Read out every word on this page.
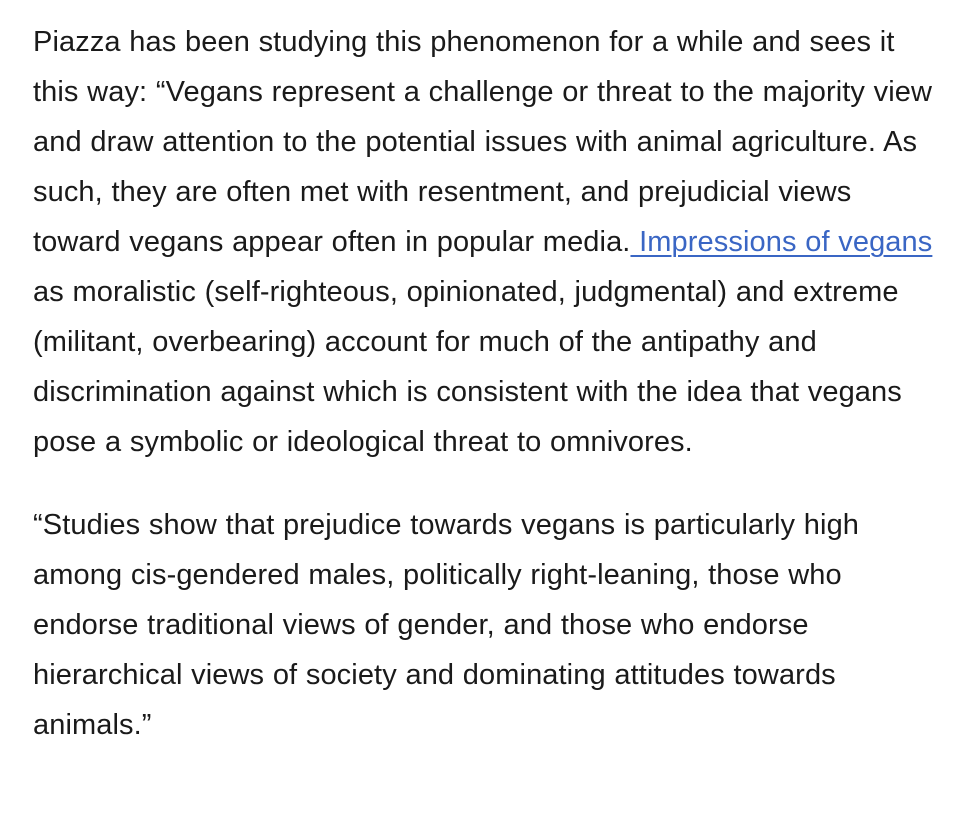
Piazza has been studying this phenomenon for a while and sees it this way: “Vegans represent a challenge or threat to the majority view and draw attention to the potential issues with animal agriculture. As such, they are often met with resentment, and prejudicial views toward vegans appear often in popular media. Impressions of vegans as moralistic (self-righteous, opinionated, judgmental) and extreme (militant, overbearing) account for much of the antipathy and discrimination against which is consistent with the idea that vegans pose a symbolic or ideological threat to omnivores.

“Studies show that prejudice towards vegans is particularly high among cis-gendered males, politically right-leaning, those who endorse traditional views of gender, and those who endorse hierarchical views of society and dominating attitudes towards animals.”
